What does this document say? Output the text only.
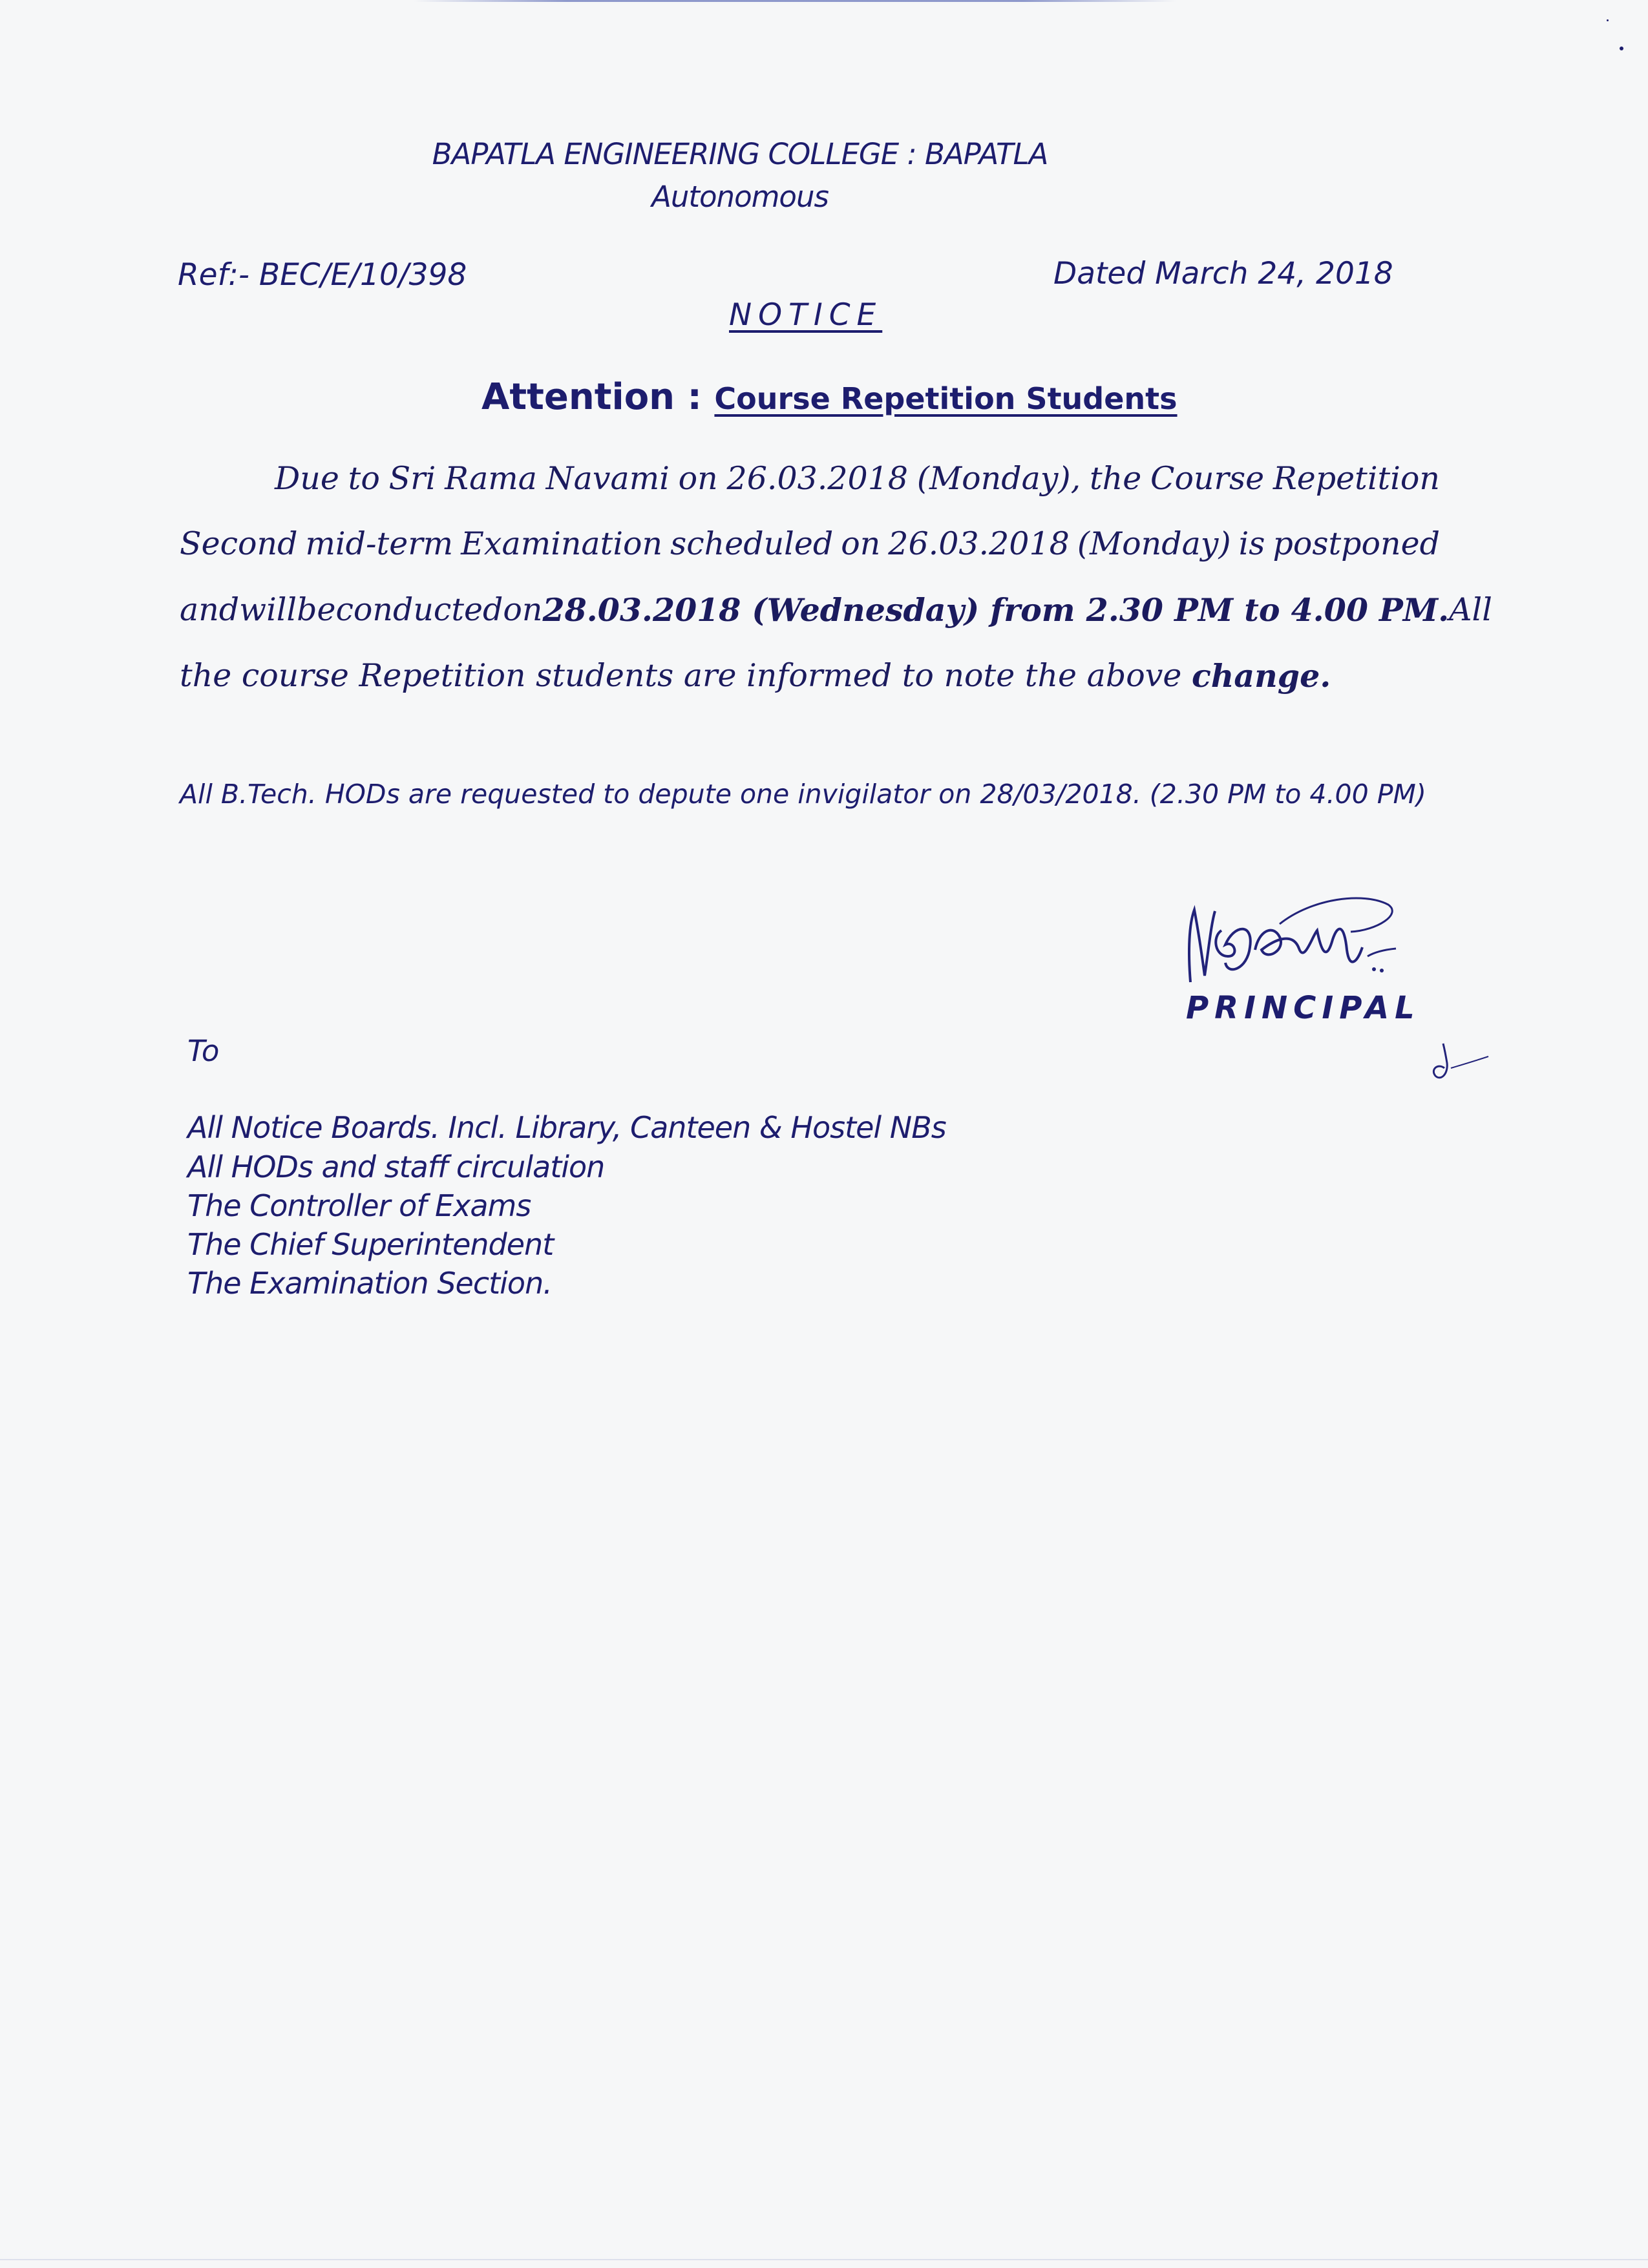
BAPATLA ENGINEERING COLLEGE : BAPATLA
Autonomous
Ref:- BEC/E/10/398	Dated March 24, 2018
NOTICE
Attention : Course Repetition Students
Due to Sri Rama Navami on 26.03.2018 (Monday), the Course Repetition
Second mid-term Examination scheduled on 26.03.2018 (Monday) is postponed
and will be conducted on 28.03.2018 (Wednesday) from 2.30 PM to 4.00 PM. All
the course Repetition students are informed to note the above
change.
All B.Tech. HODs are requested to depute one invigilator on 28/03/2018. (2.30 PM to 4.00 PM)
PRINCIPAL
To
All Notice Boards. Incl. Library, Canteen & Hostel NBs
All HODs and staff circulation
The Controller of Exams
The Chief Superintendent
The Examination Section.
